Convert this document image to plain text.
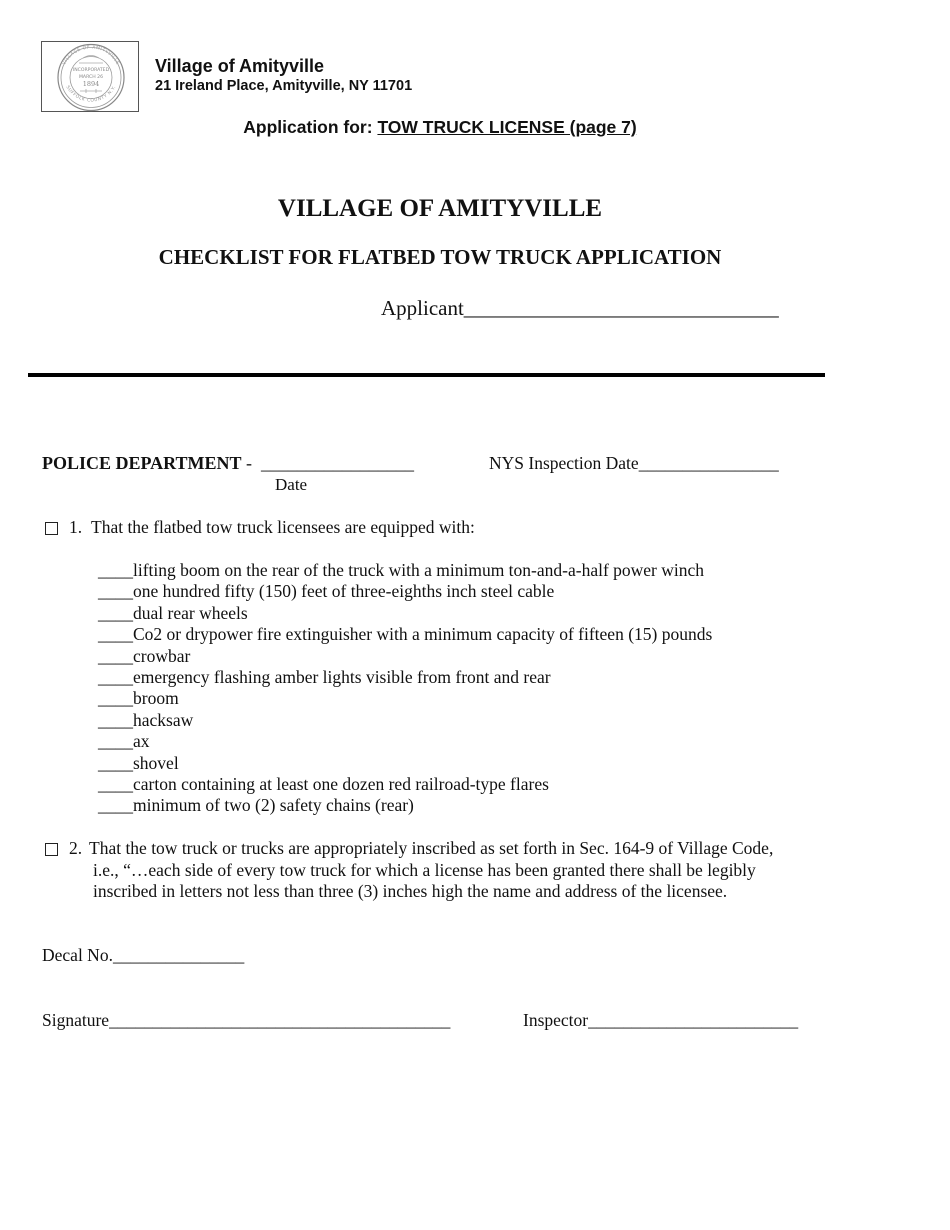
INCORPORATED
MARCH 26
1894
VILLAGE OF AMITYVILLE
SUFFOLK COUNTY N.Y.
Village of Amityville
21 Ireland Place, Amityville, NY 11701
Application for: TOW TRUCK LICENSE (page 7)
VILLAGE OF AMITYVILLE
CHECKLIST FOR FLATBED TOW TRUCK APPLICATION
Applicant______________________________
POLICE DEPARTMENT -  _________________
Date
NYS Inspection Date________________
1. That the flatbed tow truck licensees are equipped with:
____lifting boom on the rear of the truck with a minimum ton-and-a-half power winch
____one hundred fifty (150) feet of three-eighths inch steel cable
____dual rear wheels
____Co2 or drypower fire extinguisher with a minimum capacity of fifteen (15) pounds
____crowbar
____emergency flashing amber lights visible from front and rear
____broom
____hacksaw
____ax
____shovel
____carton containing at least one dozen red railroad-type flares
____minimum of two (2) safety chains (rear)
2. That the tow truck or trucks are appropriately inscribed as set forth in Sec. 164-9 of Village Code,
i.e., “…each side of every tow truck for which a license has been granted there shall be legibly
inscribed in letters not less than three (3) inches high the name and address of the licensee.
Decal No._______________
Signature_______________________________________	Inspector________________________
